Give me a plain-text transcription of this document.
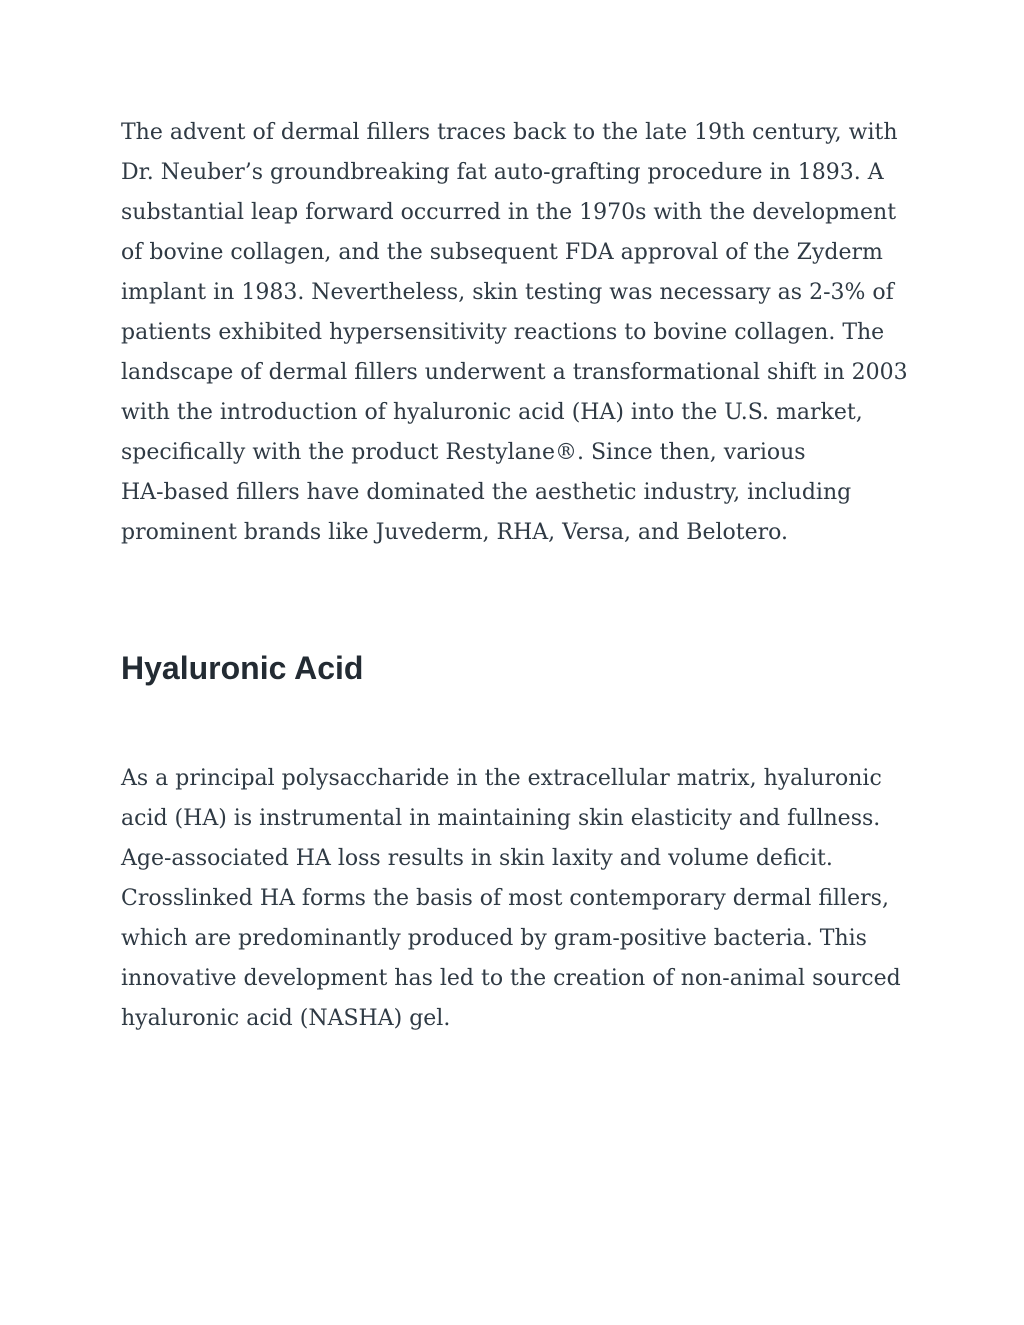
The advent of dermal fillers traces back to the late 19th century, with
Dr. Neuber’s groundbreaking fat auto-grafting procedure in 1893. A
substantial leap forward occurred in the 1970s with the development
of bovine collagen, and the subsequent FDA approval of the Zyderm
implant in 1983. Nevertheless, skin testing was necessary as 2-3% of
patients exhibited hypersensitivity reactions to bovine collagen. The
landscape of dermal fillers underwent a transformational shift in 2003
with the introduction of hyaluronic acid (HA) into the U.S. market,
specifically with the product Restylane®. Since then, various
HA-based fillers have dominated the aesthetic industry, including
prominent brands like Juvederm, RHA, Versa, and Belotero.

Hyaluronic Acid

As a principal polysaccharide in the extracellular matrix, hyaluronic
acid (HA) is instrumental in maintaining skin elasticity and fullness.
Age-associated HA loss results in skin laxity and volume deficit.
Crosslinked HA forms the basis of most contemporary dermal fillers,
which are predominantly produced by gram-positive bacteria. This
innovative development has led to the creation of non-animal sourced
hyaluronic acid (NASHA) gel.
